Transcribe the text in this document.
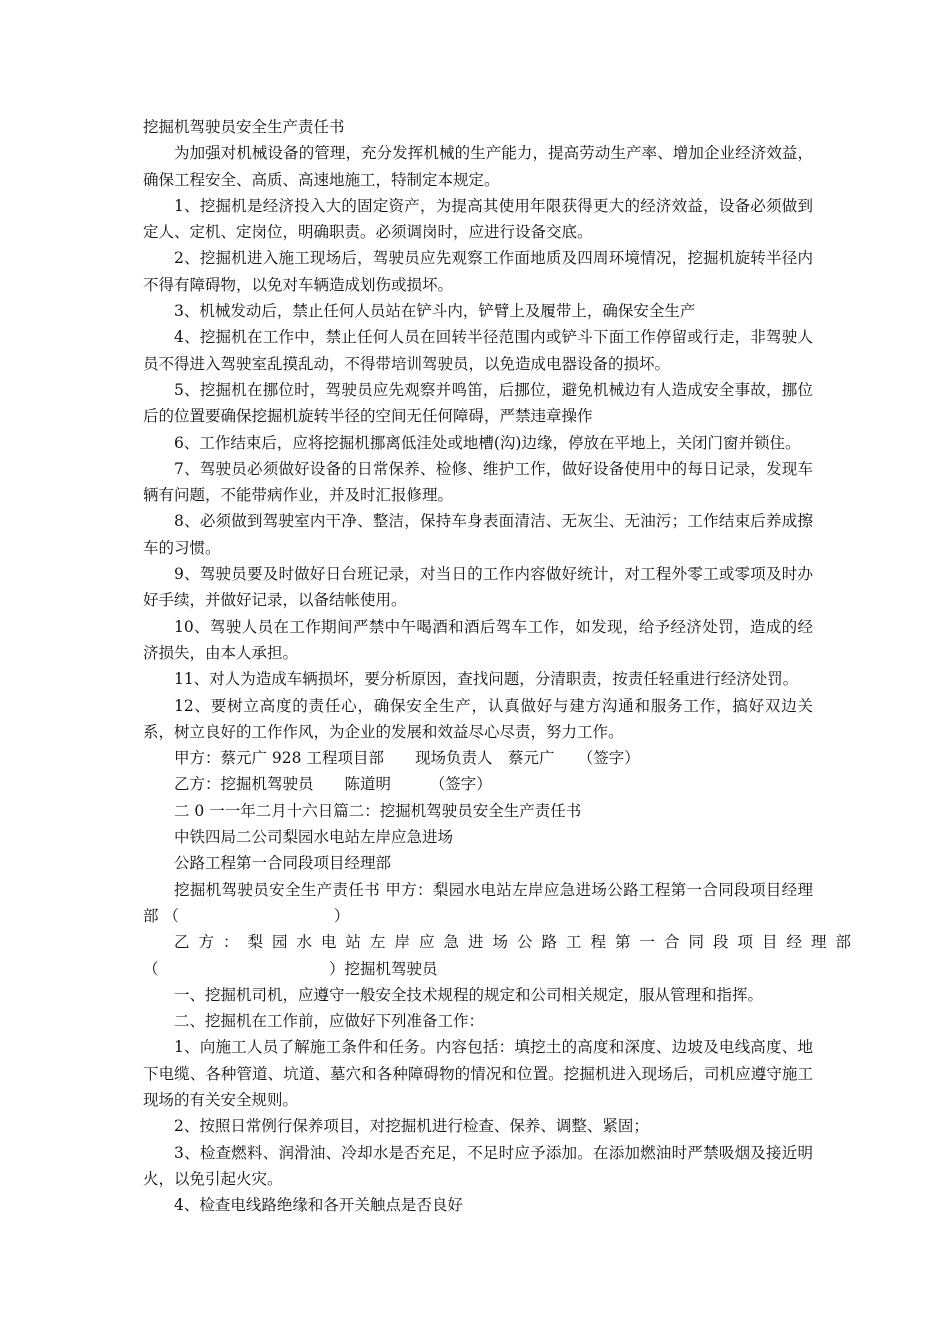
挖掘机驾驶员安全生产责任书

为加强对机械设备的管理，充分发挥机械的生产能力，提高劳动生产率、增加企业经济效益，确保工程安全、高质、高速地施工，特制定本规定。

1、挖掘机是经济投入大的固定资产，为提高其使用年限获得更大的经济效益，设备必须做到定人、定机、定岗位，明确职责。必须调岗时，应进行设备交底。

2、挖掘机进入施工现场后，驾驶员应先观察工作面地质及四周环境情况，挖掘机旋转半径内不得有障碍物，以免对车辆造成划伤或损坏。

3、机械发动后，禁止任何人员站在铲斗内，铲臂上及履带上，确保安全生产

4、挖掘机在工作中，禁止任何人员在回转半径范围内或铲斗下面工作停留或行走，非驾驶人员不得进入驾驶室乱摸乱动，不得带培训驾驶员，以免造成电器设备的损坏。

5、挖掘机在挪位时，驾驶员应先观察并鸣笛，后挪位，避免机械边有人造成安全事故，挪位后的位置要确保挖掘机旋转半径的空间无任何障碍，严禁违章操作

6、工作结束后，应将挖掘机挪离低洼处或地槽(沟)边缘，停放在平地上，关闭门窗并锁住。

7、驾驶员必须做好设备的日常保养、检修、维护工作，做好设备使用中的每日记录，发现车辆有问题，不能带病作业，并及时汇报修理。

8、必须做到驾驶室内干净、整洁，保持车身表面清洁、无灰尘、无油污；工作结束后养成擦车的习惯。

9、驾驶员要及时做好日台班记录，对当日的工作内容做好统计，对工程外零工或零项及时办好手续，并做好记录，以备结帐使用。

10、驾驶人员在工作期间严禁中午喝酒和酒后驾车工作，如发现，给予经济处罚，造成的经济损失，由本人承担。

11、对人为造成车辆损坏，要分析原因，查找问题，分清职责，按责任轻重进行经济处罚。

12、要树立高度的责任心，确保安全生产，认真做好与建方沟通和服务工作，搞好双边关系，树立良好的工作作风，为企业的发展和效益尽心尽责，努力工作。

甲方：蔡元广 928 工程项目部　　现场负责人　蔡元广　　（签字）

乙方：挖掘机驾驶员　　陈道明　　　（签字）

二 0 一一年二月十六日篇二：挖掘机驾驶员安全生产责任书

中铁四局二公司梨园水电站左岸应急进场

公路工程第一合同段项目经理部

挖掘机驾驶员安全生产责任书 甲方：梨园水电站左岸应急进场公路工程第一合同段项目经理部 （　　　　　　　　　　）

乙方：梨园水电站左岸应急进场公路工程第一合同段项目经理部

（　　　　　　　　　　　）挖掘机驾驶员

一、挖掘机司机，应遵守一般安全技术规程的规定和公司相关规定，服从管理和指挥。

二、挖掘机在工作前，应做好下列准备工作：

1、向施工人员了解施工条件和任务。内容包括：填挖土的高度和深度、边坡及电线高度、地下电缆、各种管道、坑道、墓穴和各种障碍物的情况和位置。挖掘机进入现场后，司机应遵守施工现场的有关安全规则。

2、按照日常例行保养项目，对挖掘机进行检查、保养、调整、紧固；

3、检查燃料、润滑油、冷却水是否充足，不足时应予添加。在添加燃油时严禁吸烟及接近明火，以免引起火灾。

4、检查电线路绝缘和各开关触点是否良好
